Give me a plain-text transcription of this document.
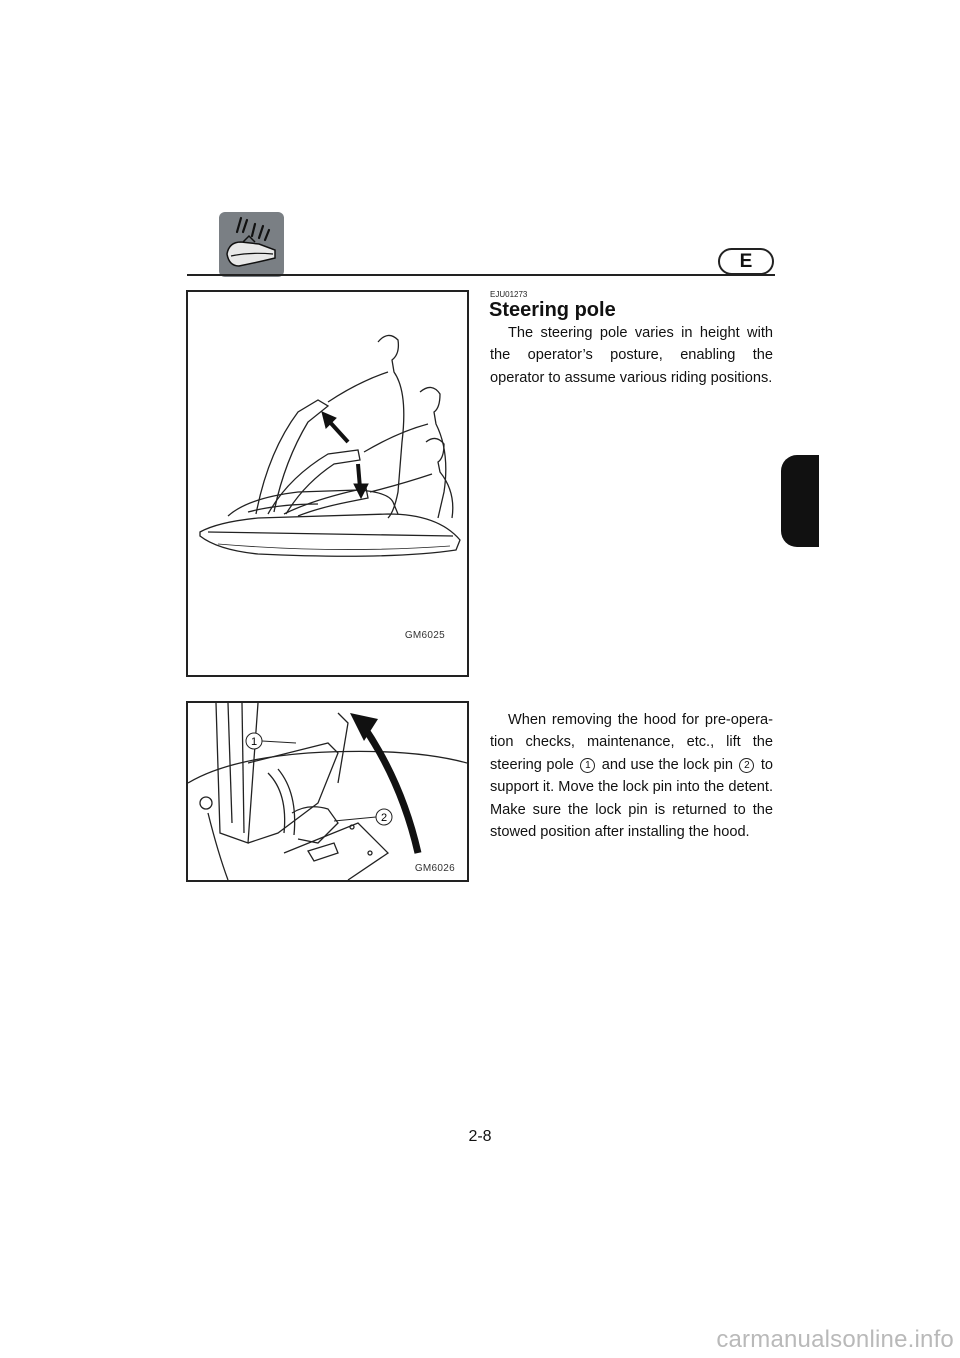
E
GM6025
1
2
GM6026
EJU01273
Steering pole
The steering pole varies in height with the operator’s posture, enabling the operator to assume various riding positions.
When removing the hood for pre-operation checks, maintenance, etc., lift the steering pole 1 and use the lock pin 2 to support it. Move the lock pin into the detent. Make sure the lock pin is returned to the stowed position after installing the hood.
2-8
carmanualsonline.info
